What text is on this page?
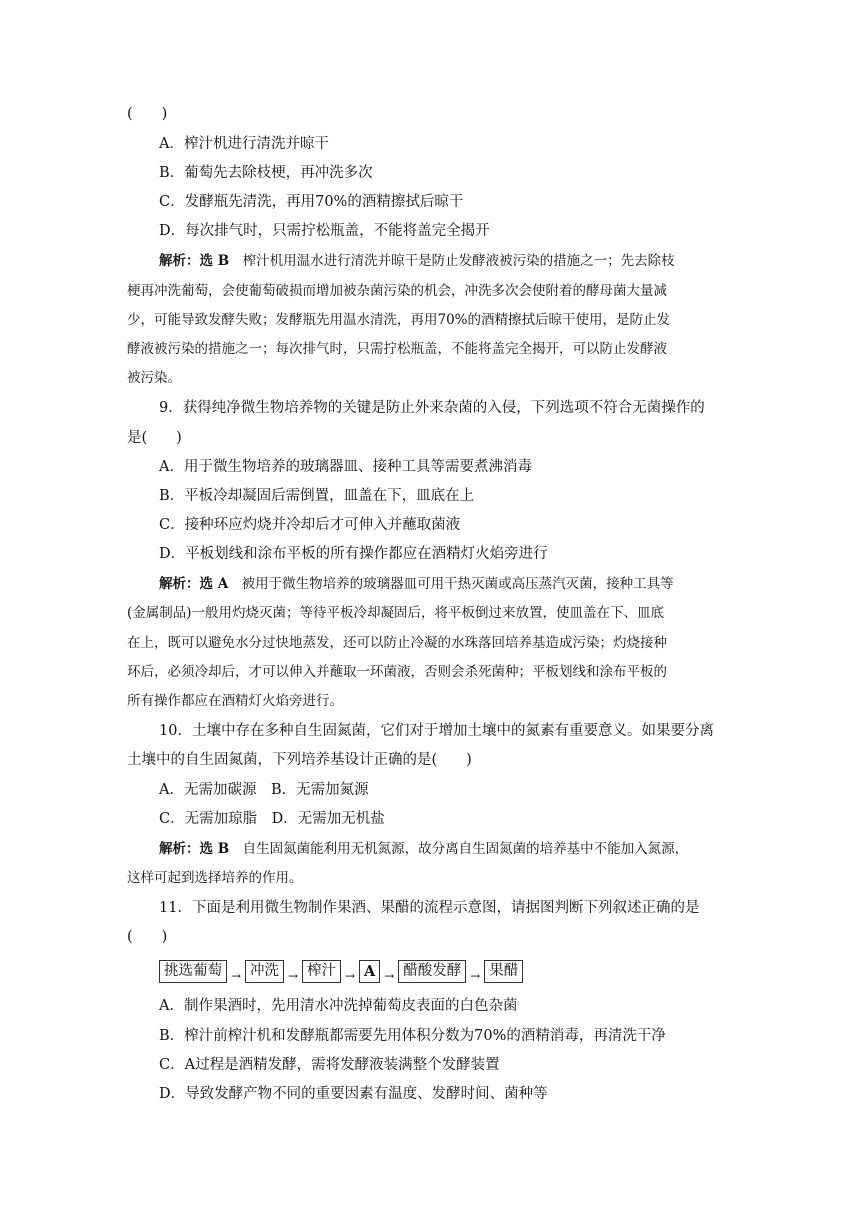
(　　)
A．榨汁机进行清洗并晾干
B．葡萄先去除枝梗，再冲洗多次
C．发酵瓶先清洗，再用70%的酒精擦拭后晾干
D．每次排气时，只需拧松瓶盖，不能将盖完全揭开
解析：选 B　榨汁机用温水进行清洗并晾干是防止发酵液被污染的措施之一；先去除枝
梗再冲洗葡萄，会使葡萄破损而增加被杂菌污染的机会，冲洗多次会使附着的酵母菌大量减
少，可能导致发酵失败；发酵瓶先用温水清洗，再用70%的酒精擦拭后晾干使用，是防止发
酵液被污染的措施之一；每次排气时，只需拧松瓶盖，不能将盖完全揭开，可以防止发酵液
被污染。
9．获得纯净微生物培养物的关键是防止外来杂菌的入侵，下列选项不符合无菌操作的
是(　　)
A．用于微生物培养的玻璃器皿、接种工具等需要煮沸消毒
B．平板冷却凝固后需倒置，皿盖在下，皿底在上
C．接种环应灼烧并冷却后才可伸入并蘸取菌液
D．平板划线和涂布平板的所有操作都应在酒精灯火焰旁进行
解析：选 A　被用于微生物培养的玻璃器皿可用干热灭菌或高压蒸汽灭菌，接种工具等
(金属制品)一般用灼烧灭菌；等待平板冷却凝固后，将平板倒过来放置，使皿盖在下、皿底
在上，既可以避免水分过快地蒸发，还可以防止冷凝的水珠落回培养基造成污染；灼烧接种
环后，必须冷却后，才可以伸入并蘸取一环菌液，否则会杀死菌种；平板划线和涂布平板的
所有操作都应在酒精灯火焰旁进行。
10．土壤中存在多种自生固氮菌，它们对于增加土壤中的氮素有重要意义。如果要分离
土壤中的自生固氮菌，下列培养基设计正确的是(　　)
A．无需加碳源　B．无需加氮源
C．无需加琼脂　D．无需加无机盐
解析：选 B　自生固氮菌能利用无机氮源，故分离自生固氮菌的培养基中不能加入氮源，
这样可起到选择培养的作用。
11．下面是利用微生物制作果酒、果醋的流程示意图，请据图判断下列叙述正确的是
(　　)
挑选葡萄 → 冲洗 → 榨汁 → A → 醋酸发酵 → 果醋
A．制作果酒时，先用清水冲洗掉葡萄皮表面的白色杂菌
B．榨汁前榨汁机和发酵瓶都需要先用体积分数为70%的酒精消毒，再清洗干净
C．A过程是酒精发酵，需将发酵液装满整个发酵装置
D．导致发酵产物不同的重要因素有温度、发酵时间、菌种等
